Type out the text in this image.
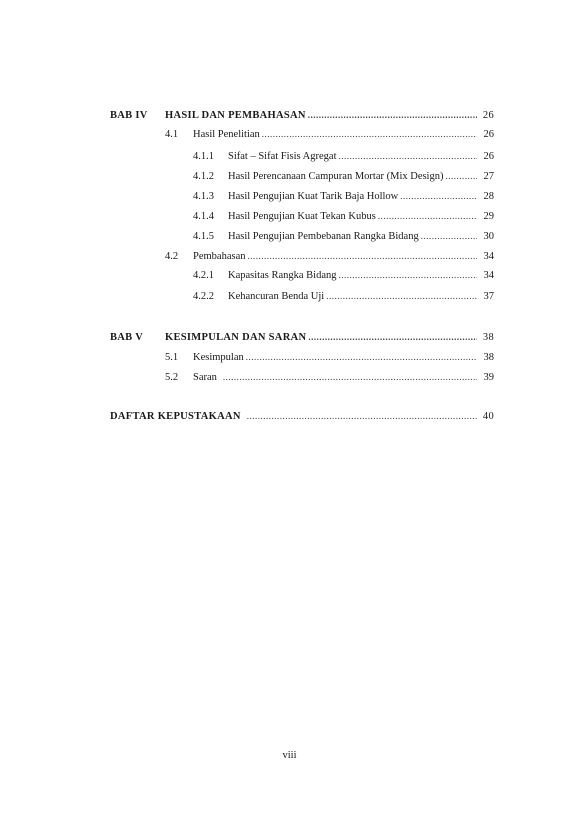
BAB IV	HASIL DAN PEMBAHASAN .....	26
4.1	Hasil Penelitian .....	26
4.1.1	Sifat – Sifat Fisis Agregat .....	26
4.1.2	Hasil Perencanaan Campuran Mortar (Mix Design) .....	27
4.1.3	Hasil Pengujian Kuat Tarik Baja Hollow .....	28
4.1.4	Hasil Pengujian Kuat Tekan Kubus .....	29
4.1.5	Hasil Pengujian Pembebanan Rangka Bidang .....	30
4.2	Pembahasan .....	34
4.2.1	Kapasitas Rangka Bidang .....	34
4.2.2	Kehancuran Benda Uji .....	37
BAB V	KESIMPULAN DAN SARAN .....	38
5.1	Kesimpulan .....	38
5.2	Saran .....	39
DAFTAR KEPUSTAKAAN .....	40
viii
